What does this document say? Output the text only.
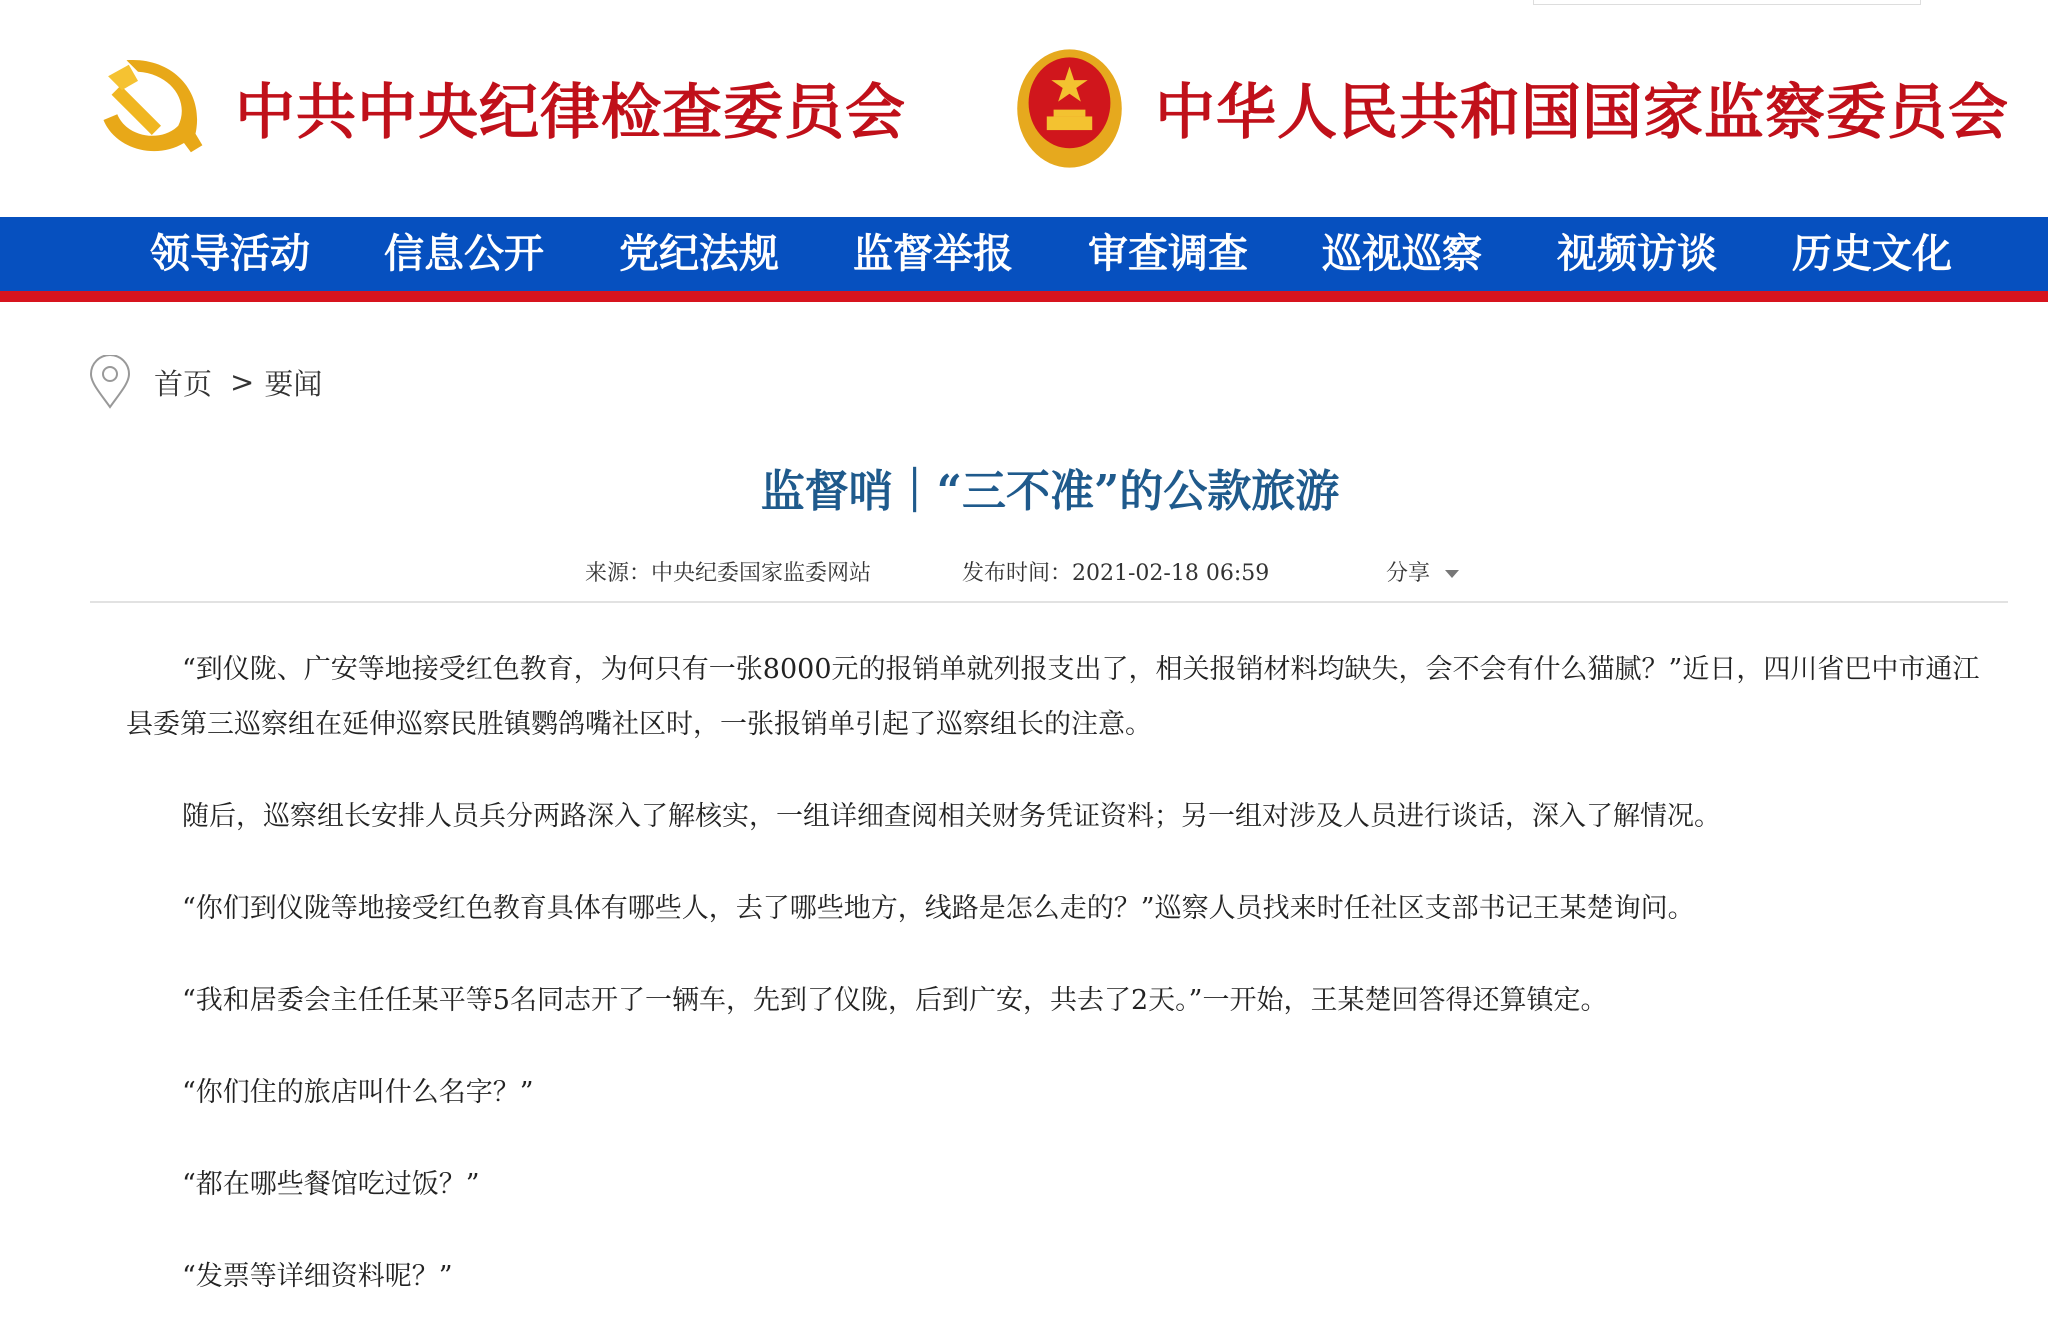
中共中央纪律检查委员会	中华人民共和国国家监察委员会
领导活动 信息公开 党纪法规 监督举报 审查调查 巡视巡察 视频访谈 历史文化
首页 > 要闻
监督哨｜“三不准”的公款旅游
来源：中央纪委国家监委网站	发布时间：2021-02-18 06:59	分享

“到仪陇、广安等地接受红色教育，为何只有一张8000元的报销单就列报支出了，相关报销材料均缺失，会不会有什么猫腻？”近日，四川省巴中市通江县委第三巡察组在延伸巡察民胜镇鹦鸽嘴社区时，一张报销单引起了巡察组长的注意。

随后，巡察组长安排人员兵分两路深入了解核实，一组详细查阅相关财务凭证资料；另一组对涉及人员进行谈话，深入了解情况。

“你们到仪陇等地接受红色教育具体有哪些人，去了哪些地方，线路是怎么走的？”巡察人员找来时任社区支部书记王某楚询问。

“我和居委会主任任某平等5名同志开了一辆车，先到了仪陇，后到广安，共去了2天。”一开始，王某楚回答得还算镇定。

“你们住的旅店叫什么名字？”

“都在哪些餐馆吃过饭？”

“发票等详细资料呢？”
